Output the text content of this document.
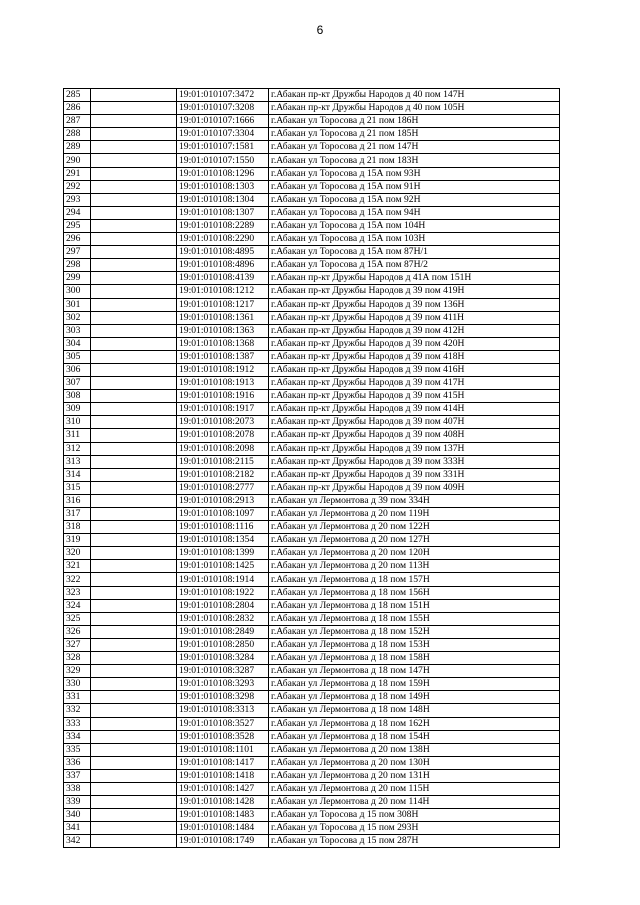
6
285		19:01:010107:3472	г.Абакан пр-кт Дружбы Народов д 40 пом 147Н
286		19:01:010107:3208	г.Абакан пр-кт Дружбы Народов д 40 пом 105Н
287		19:01:010107:1666	г.Абакан ул Торосова д 21 пом 186Н
288		19:01:010107:3304	г.Абакан ул Торосова д 21 пом 185Н
289		19:01:010107:1581	г.Абакан ул Торосова д 21 пом 147Н
290		19:01:010107:1550	г.Абакан ул Торосова д 21 пом 183Н
291		19:01:010108:1296	г.Абакан ул Торосова д 15А пом 93Н
292		19:01:010108:1303	г.Абакан ул Торосова д 15А пом 91Н
293		19:01:010108:1304	г.Абакан ул Торосова д 15А пом 92Н
294		19:01:010108:1307	г.Абакан ул Торосова д 15А пом 94Н
295		19:01:010108:2289	г.Абакан ул Торосова д 15А пом 104Н
296		19:01:010108:2290	г.Абакан ул Торосова д 15А пом 103Н
297		19:01:010108:4895	г.Абакан ул Торосова д 15А пом 87Н/1
298		19:01:010108:4896	г.Абакан ул Торосова д 15А пом 87Н/2
299		19:01:010108:4139	г.Абакан пр-кт Дружбы Народов д 41А пом 151Н
300		19:01:010108:1212	г.Абакан пр-кт Дружбы Народов д 39 пом 419Н
301		19:01:010108:1217	г.Абакан пр-кт Дружбы Народов д 39 пом 136Н
302		19:01:010108:1361	г.Абакан пр-кт Дружбы Народов д 39 пом 411Н
303		19:01:010108:1363	г.Абакан пр-кт Дружбы Народов д 39 пом 412Н
304		19:01:010108:1368	г.Абакан пр-кт Дружбы Народов д 39 пом 420Н
305		19:01:010108:1387	г.Абакан пр-кт Дружбы Народов д 39 пом 418Н
306		19:01:010108:1912	г.Абакан пр-кт Дружбы Народов д 39 пом 416Н
307		19:01:010108:1913	г.Абакан пр-кт Дружбы Народов д 39 пом 417Н
308		19:01:010108:1916	г.Абакан пр-кт Дружбы Народов д 39 пом 415Н
309		19:01:010108:1917	г.Абакан пр-кт Дружбы Народов д 39 пом 414Н
310		19:01:010108:2073	г.Абакан пр-кт Дружбы Народов д 39 пом 407Н
311		19:01:010108:2078	г.Абакан пр-кт Дружбы Народов д 39 пом 408Н
312		19:01:010108:2098	г.Абакан пр-кт Дружбы Народов д 39 пом 137Н
313		19:01:010108:2115	г.Абакан пр-кт Дружбы Народов д 39 пом 333Н
314		19:01:010108:2182	г.Абакан пр-кт Дружбы Народов д 39 пом 331Н
315		19:01:010108:2777	г.Абакан пр-кт Дружбы Народов д 39 пом 409Н
316		19:01:010108:2913	г.Абакан ул Лермонтова д 39 пом 334Н
317		19:01:010108:1097	г.Абакан ул Лермонтова д 20 пом 119Н
318		19:01:010108:1116	г.Абакан ул Лермонтова д 20 пом 122Н
319		19:01:010108:1354	г.Абакан ул Лермонтова д 20 пом 127Н
320		19:01:010108:1399	г.Абакан ул Лермонтова д 20 пом 120Н
321		19:01:010108:1425	г.Абакан ул Лермонтова д 20 пом 113Н
322		19:01:010108:1914	г.Абакан ул Лермонтова д 18 пом 157Н
323		19:01:010108:1922	г.Абакан ул Лермонтова д 18 пом 156Н
324		19:01:010108:2804	г.Абакан ул Лермонтова д 18 пом 151Н
325		19:01:010108:2832	г.Абакан ул Лермонтова д 18 пом 155Н
326		19:01:010108:2849	г.Абакан ул Лермонтова д 18 пом 152Н
327		19:01:010108:2850	г.Абакан ул Лермонтова д 18 пом 153Н
328		19:01:010108:3284	г.Абакан ул Лермонтова д 18 пом 158Н
329		19:01:010108:3287	г.Абакан ул Лермонтова д 18 пом 147Н
330		19:01:010108:3293	г.Абакан ул Лермонтова д 18 пом 159Н
331		19:01:010108:3298	г.Абакан ул Лермонтова д 18 пом 149Н
332		19:01:010108:3313	г.Абакан ул Лермонтова д 18 пом 148Н
333		19:01:010108:3527	г.Абакан ул Лермонтова д 18 пом 162Н
334		19:01:010108:3528	г.Абакан ул Лермонтова д 18 пом 154Н
335		19:01:010108:1101	г.Абакан ул Лермонтова д 20 пом 138Н
336		19:01:010108:1417	г.Абакан ул Лермонтова д 20 пом 130Н
337		19:01:010108:1418	г.Абакан ул Лермонтова д 20 пом 131Н
338		19:01:010108:1427	г.Абакан ул Лермонтова д 20 пом 115Н
339		19:01:010108:1428	г.Абакан ул Лермонтова д 20 пом 114Н
340		19:01:010108:1483	г.Абакан ул Торосова д 15 пом 308Н
341		19:01:010108:1484	г.Абакан ул Торосова д 15 пом 293Н
342		19:01:010108:1749	г.Абакан ул Торосова д 15 пом 287Н
